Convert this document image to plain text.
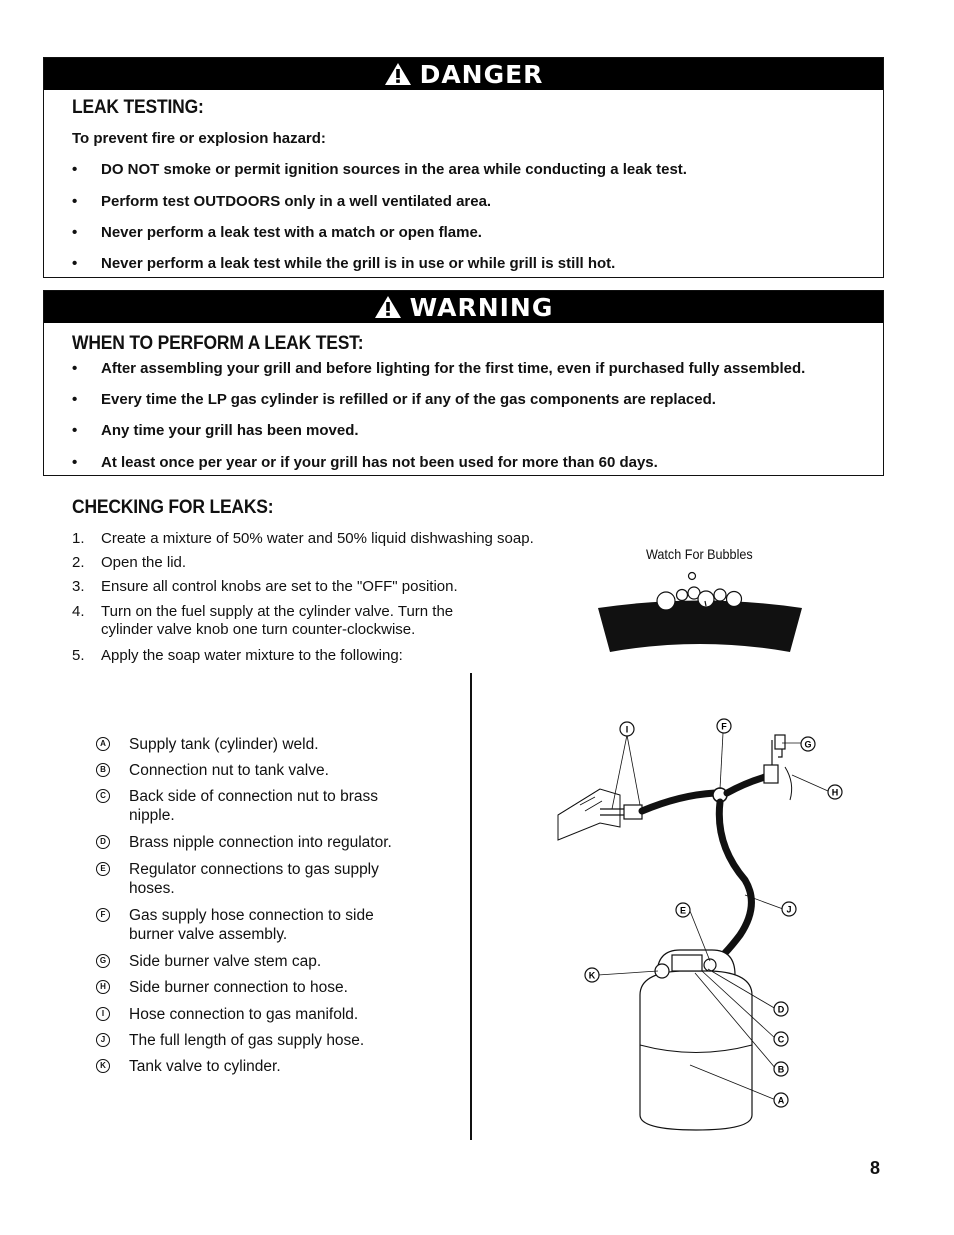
DANGER
LEAK TESTING:
To prevent fire or explosion hazard:
• DO NOT smoke or permit ignition sources in the area while conducting a leak test.
• Perform test OUTDOORS only in a well ventilated area.
• Never perform a leak test with a match or open flame.
• Never perform a leak test while the grill is in use or while grill is still hot.
WARNING
WHEN TO PERFORM A LEAK TEST:
• After assembling your grill and before lighting for the first time, even if purchased fully assembled.
• Every time the LP gas cylinder is refilled or if any of the gas components are replaced.
• Any time your grill has been moved.
• At least once per year or if your grill has not been used for more than 60 days.
CHECKING FOR LEAKS:
1. Create a mixture of 50% water and 50% liquid dishwashing soap.
2. Open the lid.
3. Ensure all control knobs are set to the "OFF" position.
4. Turn on the fuel supply at the cylinder valve. Turn the
cylinder valve knob one turn counter-clockwise.
5. Apply the soap water mixture to the following:
Watch For Bubbles
A Supply tank (cylinder) weld.
B Connection nut to tank valve.
C Back side of connection nut to brass
nipple.
D Brass nipple connection into regulator.
E Regulator connections to gas supply
hoses.
F Gas supply hose connection to side
burner valve assembly.
G Side burner valve stem cap.
H Side burner connection to hose.
I	Hose connection to gas manifold.
J	The full length of gas supply hose.
K Tank valve to cylinder.
I	F
G
H
E	J
K
D
C
B
A
8
